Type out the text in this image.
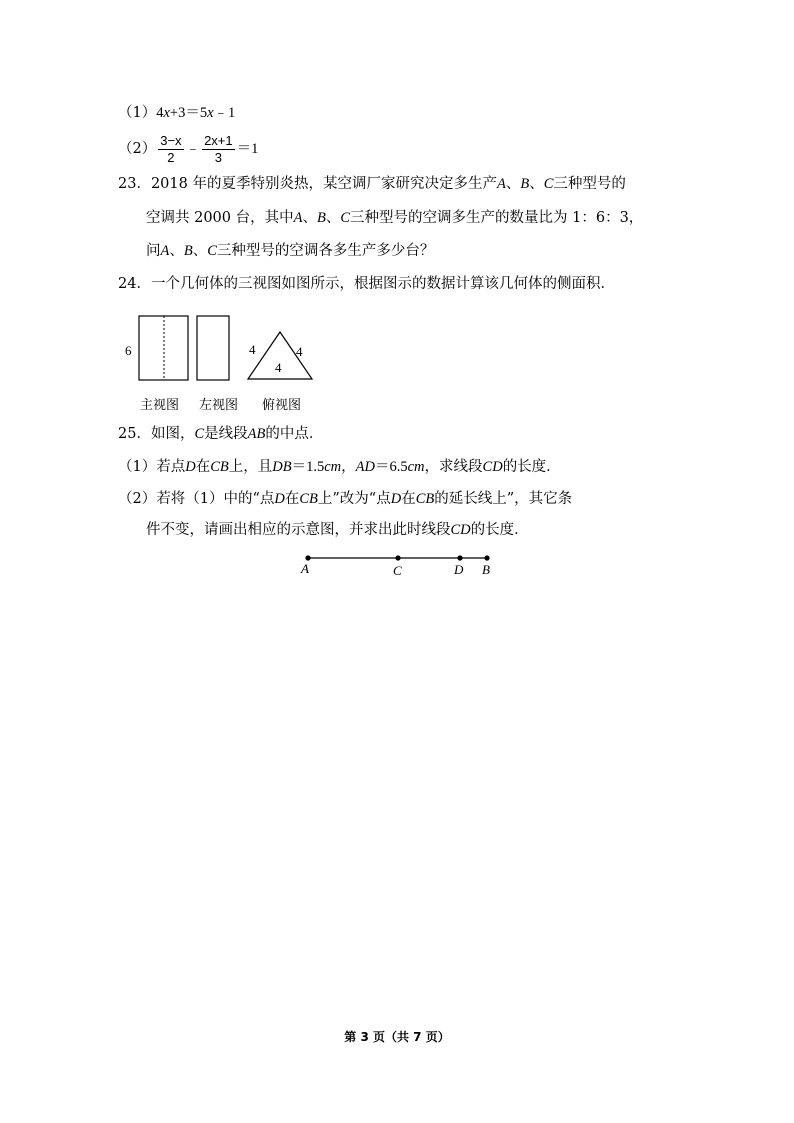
（1）4x+3＝5x﹣1
$(2) \frac{3-x}{2}$ ﹣ $\frac{2x+1}{3} =1$
23．2018 年的夏季特别炎热，某空调厂家研究决定多生产A、B、C三种型号的
空调共 2000 台，其中A、B、C三种型号的空调多生产的数量比为 1：6：3，
问A、B、C三种型号的空调各多生产多少台？
24．一个几何体的三视图如图所示，根据图示的数据计算该几何体的侧面积．
6	4	4
4
主视图 左视图 俯视图
25．如图，C是线段AB的中点．
（1）若点D在CB上，且DB＝1.5cm，AD＝6.5cm，求线段CD的长度．
（2）若将（1）中的“点D在CB上”改为“点D在CB的延长线上”，其它条
件不变，请画出相应的示意图，并求出此时线段CD的长度．
A	C	D B
第 3 页（共 7 页）
